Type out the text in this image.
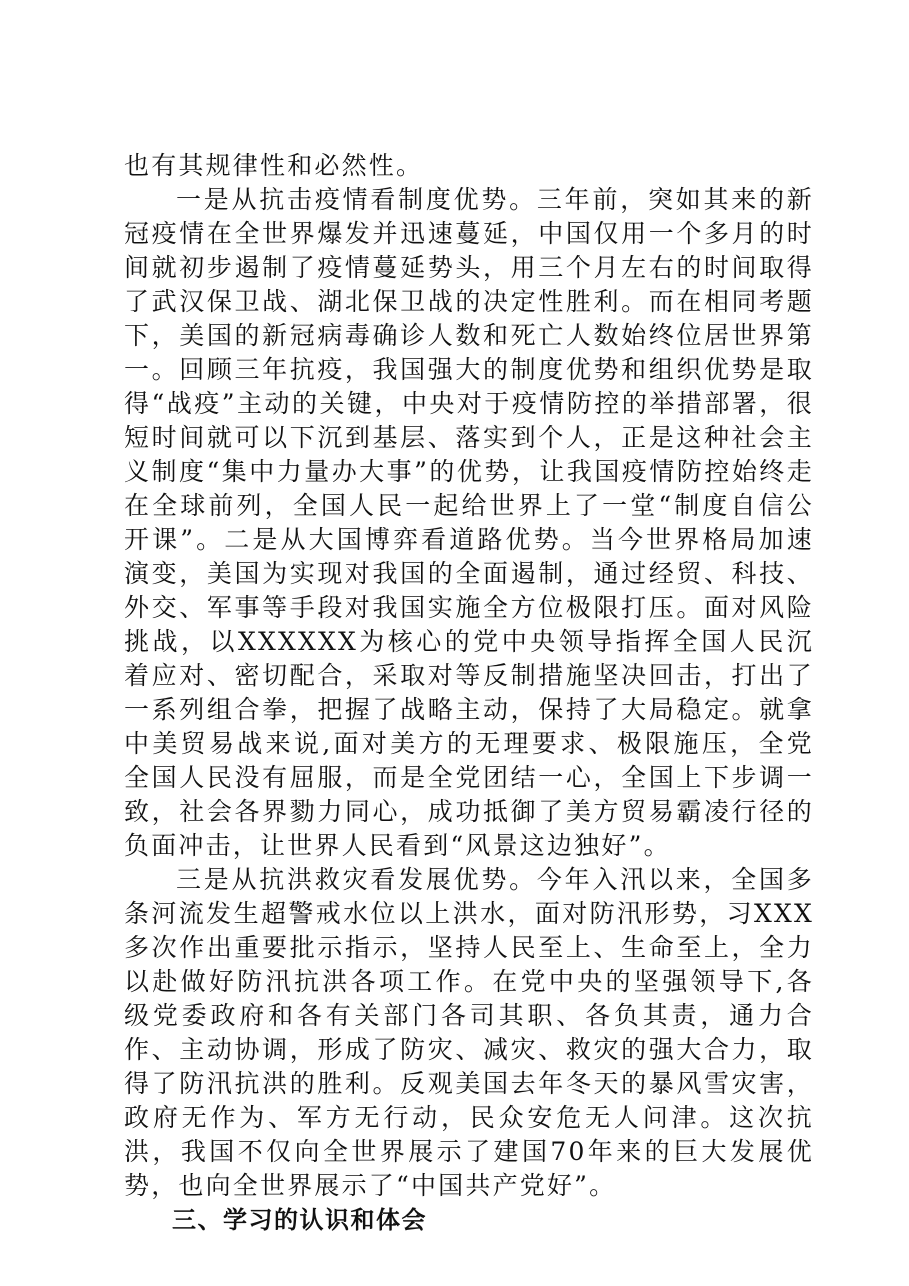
也有其规律性和必然性。

一是从抗击疫情看制度优势。三年前，突如其来的新冠疫情在全世界爆发并迅速蔓延，中国仅用一个多月的时间就初步遏制了疫情蔓延势头，用三个月左右的时间取得了武汉保卫战、湖北保卫战的决定性胜利。而在相同考题下，美国的新冠病毒确诊人数和死亡人数始终位居世界第一。回顾三年抗疫，我国强大的制度优势和组织优势是取得“战疫”主动的关键，中央对于疫情防控的举措部署，很短时间就可以下沉到基层、落实到个人，正是这种社会主义制度“集中力量办大事”的优势，让我国疫情防控始终走在全球前列，全国人民一起给世界上了一堂“制度自信公开课”。二是从大国博弈看道路优势。当今世界格局加速演变，美国为实现对我国的全面遏制，通过经贸、科技、外交、军事等手段对我国实施全方位极限打压。面对风险挑战，以XXXXXX为核心的党中央领导指挥全国人民沉着应对、密切配合，采取对等反制措施坚决回击，打出了一系列组合拳，把握了战略主动，保持了大局稳定。就拿中美贸易战来说,面对美方的无理要求、极限施压，全党全国人民没有屈服，而是全党团结一心，全国上下步调一致，社会各界勠力同心，成功抵御了美方贸易霸凌行径的负面冲击，让世界人民看到“风景这边独好”。

三是从抗洪救灾看发展优势。今年入汛以来，全国多条河流发生超警戒水位以上洪水，面对防汛形势，习XXX多次作出重要批示指示，坚持人民至上、生命至上，全力以赴做好防汛抗洪各项工作。在党中央的坚强领导下,各级党委政府和各有关部门各司其职、各负其责，通力合作、主动协调，形成了防灾、减灾、救灾的强大合力，取得了防汛抗洪的胜利。反观美国去年冬天的暴风雪灾害，政府无作为、军方无行动，民众安危无人问津。这次抗洪，我国不仅向全世界展示了建国70年来的巨大发展优势，也向全世界展示了“中国共产党好”。

三、学习的认识和体会
